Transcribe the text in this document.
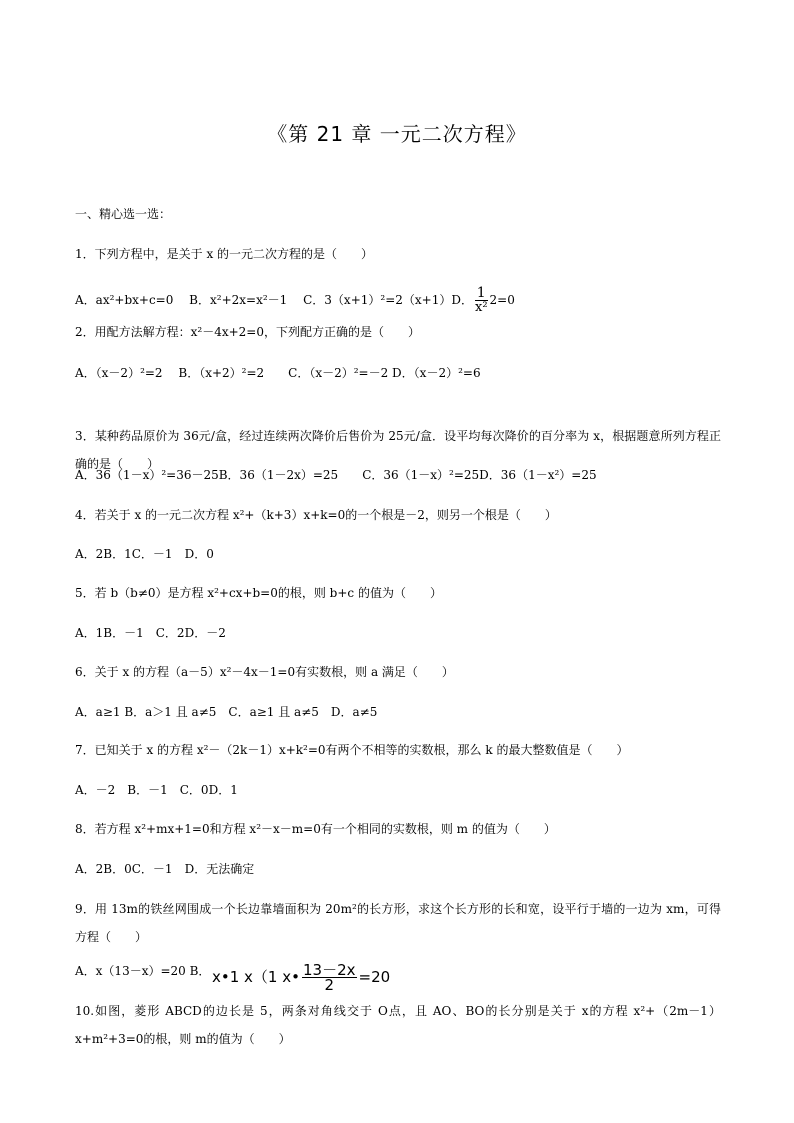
《第 21 章 一元二次方程》
一、精心选一选：
1．下列方程中，是关于 x 的一元二次方程的是（　　）
A．ax²+bx+c=0　 B．x²+2x=x²－1　 C．3（x+1）²=2（x+1）D． $\frac{1}{\text{x²}} 2=0$
2．用配方法解方程：x²－4x+2=0，下列配方正确的是（　　）
A．（x－2）²=2　 B．（x+2）²=2　　C．（x－2）²=－2 D．（x－2）²=6
3．某种药品原价为 36元/盒，经过连续两次降价后售价为 25元/盒．设平均每次降价的百分率为 x，根据题意所列方程正确的是（　　）
A．36（1－x）²=36－25B．36（1－2x）=25　　C．36（1－x）²=25D．36（1－x²）=25
4．若关于 x 的一元二次方程 x²+（k+3）x+k=0的一个根是－2，则另一个根是（　　）
A．2B．1C．－1　D．0
5．若 b（b≠0）是方程 x²+cx+b=0的根，则 b+c 的值为（　　）
A．1B．－1　C．2D．－2
6．关于 x 的方程（a－5）x²－4x－1=0有实数根，则 a 满足（　　）
A．a≥1 B．a＞1 且 a≠5　C．a≥1 且 a≠5　D．a≠5
7．已知关于 x 的方程 x²－（2k－1）x+k²=0有两个不相等的实数根，那么 k 的最大整数值是（　　）
A．－2　B．－1　C．0D．1
8．若方程 x²+mx+1=0和方程 x²－x－m=0有一个相同的实数根，则 m 的值为（　　）
A．2B．0C．－1　D．无法确定
9．用 13m的铁丝网围成一个长边靠墙面积为 20m²的长方形，求这个长方形的长和宽，设平行于墙的一边为 xm，可得方程（　　）
A．x（13－x）=20 B． x•1 x（1 x• $\frac{13-2x}{2} =20$
10.如图，菱形 ABCD的边长是 5，两条对角线交于 O点，且 AO、BO的长分别是关于 x的方程 x²+（2m－1）x+m²+3=0的根，则 m的值为（　　）
